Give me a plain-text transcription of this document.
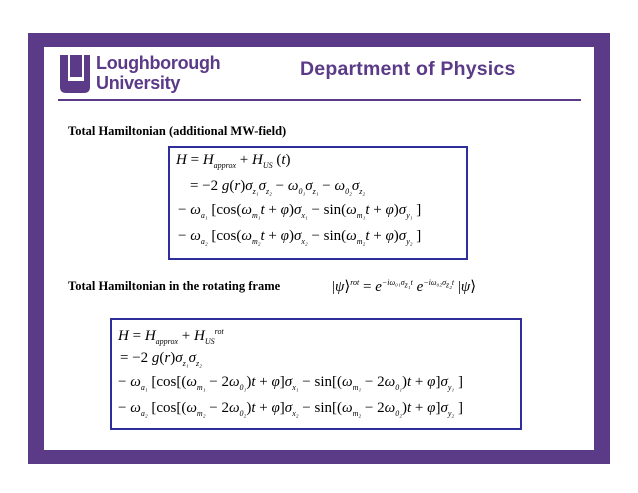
Loughborough
University
Department of Physics
Total Hamiltonian (additional MW-field)
$H = H_{approx} + H_{US}$ (t)
= −2 $g(r)\sigma_{z_1}\sigma_{z_2} - \omega_{0_1}\sigma_{z_1} - \omega_{0_2}\sigma_{z_2}$
− $\omega_{a_1}$ [$\cos(\omega_{m_1}t + \varphi)\sigma_{x_1} - \sin(\omega_{m_1}t + \varphi)\sigma_{y_1}$ ]
− $\omega_{a_2}$ [$\cos(\omega_{m_2}t + \varphi)\sigma_{x_2} - \sin(\omega_{m_2}t + \varphi)\sigma_{y_2}$ ]
Total Hamiltonian in the rotating frame	|ψ⟩$^{rot}$ = $e^{-i\omega_{01}\sigma_{z_1}t}$ $e^{-i\omega_{02}\sigma_{z_2}t}$ |ψ⟩
$H = H_{approx} + H_{US}^{rot}$
= −2 $g(r)\sigma_{z_1}\sigma_{z_2}$
− $\omega_{a_1}$ [$\cos[(\omega_{m_1} - 2\omega_{0_1})t + \varphi]\sigma_{x_1} - \sin[(\omega_{m_1} - 2\omega_{0_1})t + \varphi]\sigma_{y_1}$ ]
− $\omega_{a_2}$ [$\cos[(\omega_{m_2} - 2\omega_{0_2})t + \varphi]\sigma_{x_2} - \sin[(\omega_{m_2} - 2\omega_{0_2})t + \varphi]\sigma_{y_2}$ ]
